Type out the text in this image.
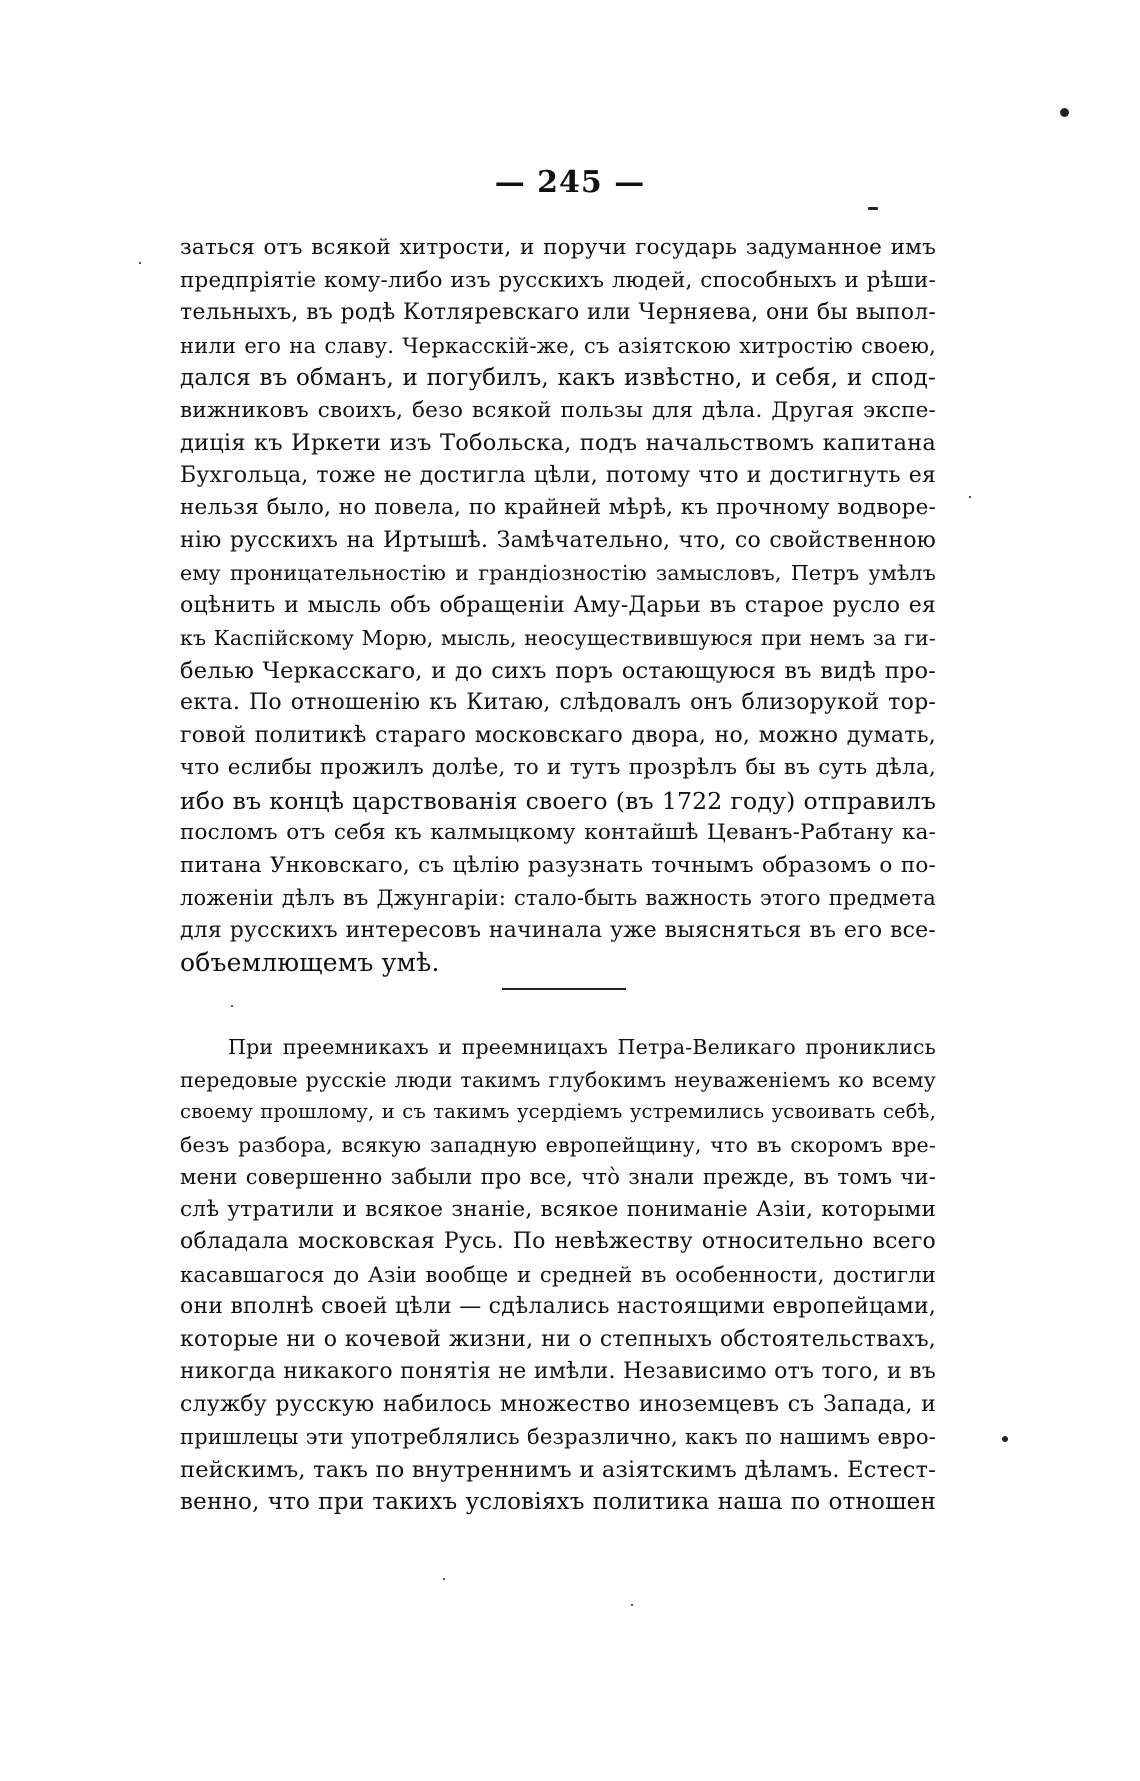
— 245 —
заться отъ всякой хитрости, и поручи государь задуманное имъ
предпріятіе кому-либо изъ русскихъ людей, способныхъ и рѣши-
тельныхъ, въ родѣ Котляревскаго или Черняева, они бы выпол-
нили его на славу. Черкасскій-же, съ азіятскою хитростію своею,
дался въ обманъ, и погубилъ, какъ извѣстно, и себя, и спод-
вижниковъ своихъ, безо всякой пользы для дѣла. Другая экспе-
диція къ Иркети изъ Тобольска, подъ начальствомъ капитана
Бухгольца, тоже не достигла цѣли, потому что и достигнуть ея
нельзя было, но повела, по крайней мѣрѣ, къ прочному водворе-
нію русскихъ на Иртышѣ. Замѣчательно, что, со свойственною
ему проницательностію и грандіозностію замысловъ, Петръ умѣлъ
оцѣнить и мысль объ обращеніи Аму-Дарьи въ старое русло ея
къ Каспійскому Морю, мысль, неосуществившуюся при немъ за ги-
белью Черкасскаго, и до сихъ поръ остающуюся въ видѣ про-
екта. По отношенію къ Китаю, слѣдовалъ онъ близорукой тор-
говой политикѣ стараго московскаго двора, но, можно думать,
что еслибы прожилъ долѣе, то и тутъ прозрѣлъ бы въ суть дѣла,
ибо въ концѣ царствованія своего (въ 1722 году) отправилъ
посломъ отъ себя къ калмыцкому контайшѣ Цеванъ-Рабтану ка-
питана Унковскаго, съ цѣлію разузнать точнымъ образомъ о по-
ложеніи дѣлъ въ Джунгаріи: стало-быть важность этого предмета
для русскихъ интересовъ начинала уже выясняться въ его все-
объемлющемъ умѣ.
При преемникахъ и преемницахъ Петра-Великаго прониклись
передовые русскіе люди такимъ глубокимъ неуваженіемъ ко всему
своему прошлому, и съ такимъ усердіемъ устремились усвоивать себѣ,
безъ разбора, всякую западную европейщину, что въ скоромъ вре-
мени совершенно забыли про все, что̀ знали прежде, въ томъ чи-
слѣ утратили и всякое знаніе, всякое пониманіе Азіи, которыми
обладала московская Русь. По невѣжеству относительно всего
касавшагося до Азіи вообще и средней въ особенности, достигли
они вполнѣ своей цѣли — сдѣлались настоящими европейцами,
которые ни о кочевой жизни, ни о степныхъ обстоятельствахъ,
никогда никакого понятія не имѣли. Независимо отъ того, и въ
службу русскую набилось множество иноземцевъ съ Запада, и
пришлецы эти употреблялись безразлично, какъ по нашимъ евро-
пейскимъ, такъ по внутреннимъ и азіятскимъ дѣламъ. Естест-
венно, что при такихъ условіяхъ политика наша по отношен
